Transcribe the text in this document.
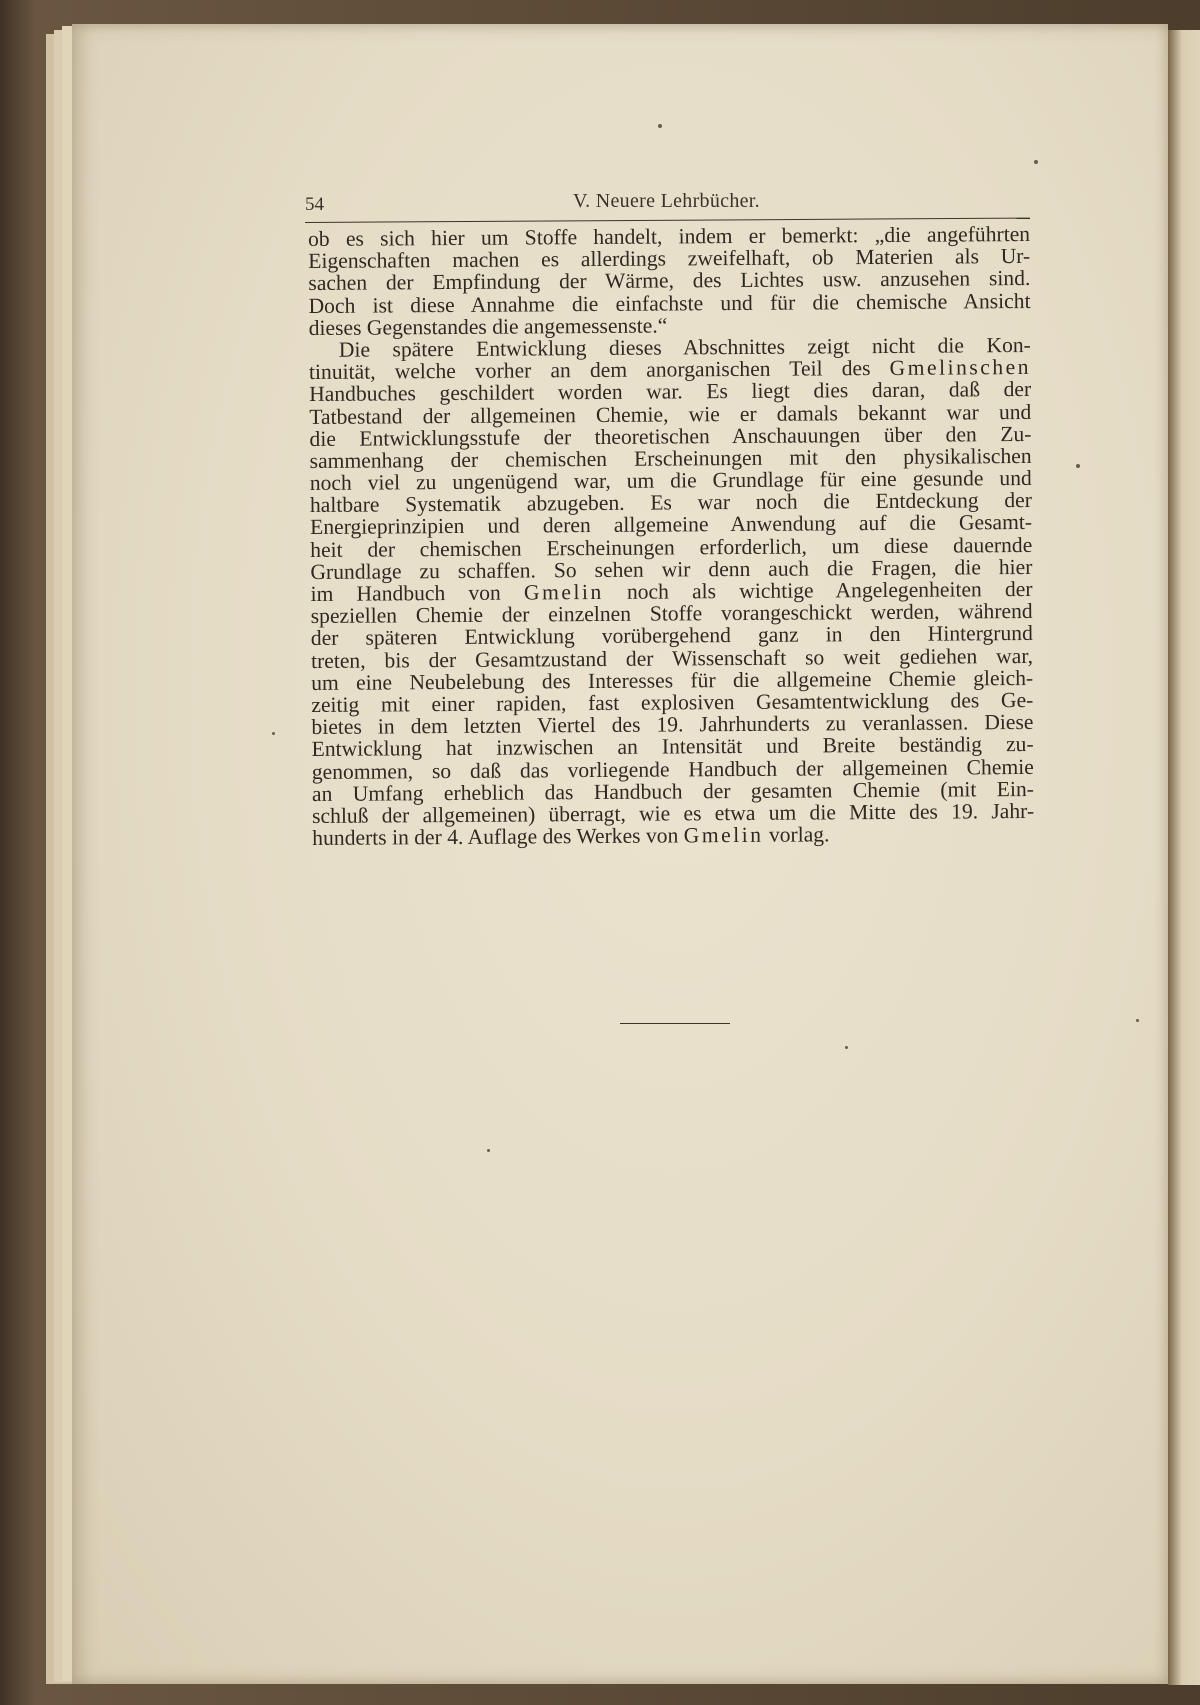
54	V. Neuere Lehrbücher.
ob es sich hier um Stoffe handelt, indem er bemerkt: „die angeführten
Eigenschaften machen es allerdings zweifelhaft, ob Materien als Ur-
sachen der Empfindung der Wärme, des Lichtes usw. anzusehen sind.
Doch ist diese Annahme die einfachste und für die chemische Ansicht
dieses Gegenstandes die angemessenste.“
Die spätere Entwicklung dieses Abschnittes zeigt nicht die Kon-
tinuität, welche vorher an dem anorganischen Teil des Gmelinschen
Handbuches geschildert worden war. Es liegt dies daran, daß der
Tatbestand der allgemeinen Chemie, wie er damals bekannt war und
die Entwicklungsstufe der theoretischen Anschauungen über den Zu-
sammenhang der chemischen Erscheinungen mit den physikalischen
noch viel zu ungenügend war, um die Grundlage für eine gesunde und
haltbare Systematik abzugeben. Es war noch die Entdeckung der
Energieprinzipien und deren allgemeine Anwendung auf die Gesamt-
heit der chemischen Erscheinungen erforderlich, um diese dauernde
Grundlage zu schaffen. So sehen wir denn auch die Fragen, die hier
im Handbuch von Gmelin noch als wichtige Angelegenheiten der
speziellen Chemie der einzelnen Stoffe vorangeschickt werden, während
der späteren Entwicklung vorübergehend ganz in den Hintergrund
treten, bis der Gesamtzustand der Wissenschaft so weit gediehen war,
um eine Neubelebung des Interesses für die allgemeine Chemie gleich-
zeitig mit einer rapiden, fast explosiven Gesamtentwicklung des Ge-
bietes in dem letzten Viertel des 19. Jahrhunderts zu veranlassen. Diese
Entwicklung hat inzwischen an Intensität und Breite beständig zu-
genommen, so daß das vorliegende Handbuch der allgemeinen Chemie
an Umfang erheblich das Handbuch der gesamten Chemie (mit Ein-
schluß der allgemeinen) überragt, wie es etwa um die Mitte des 19. Jahr-
hunderts in der 4. Auflage des Werkes von Gmelin vorlag.
